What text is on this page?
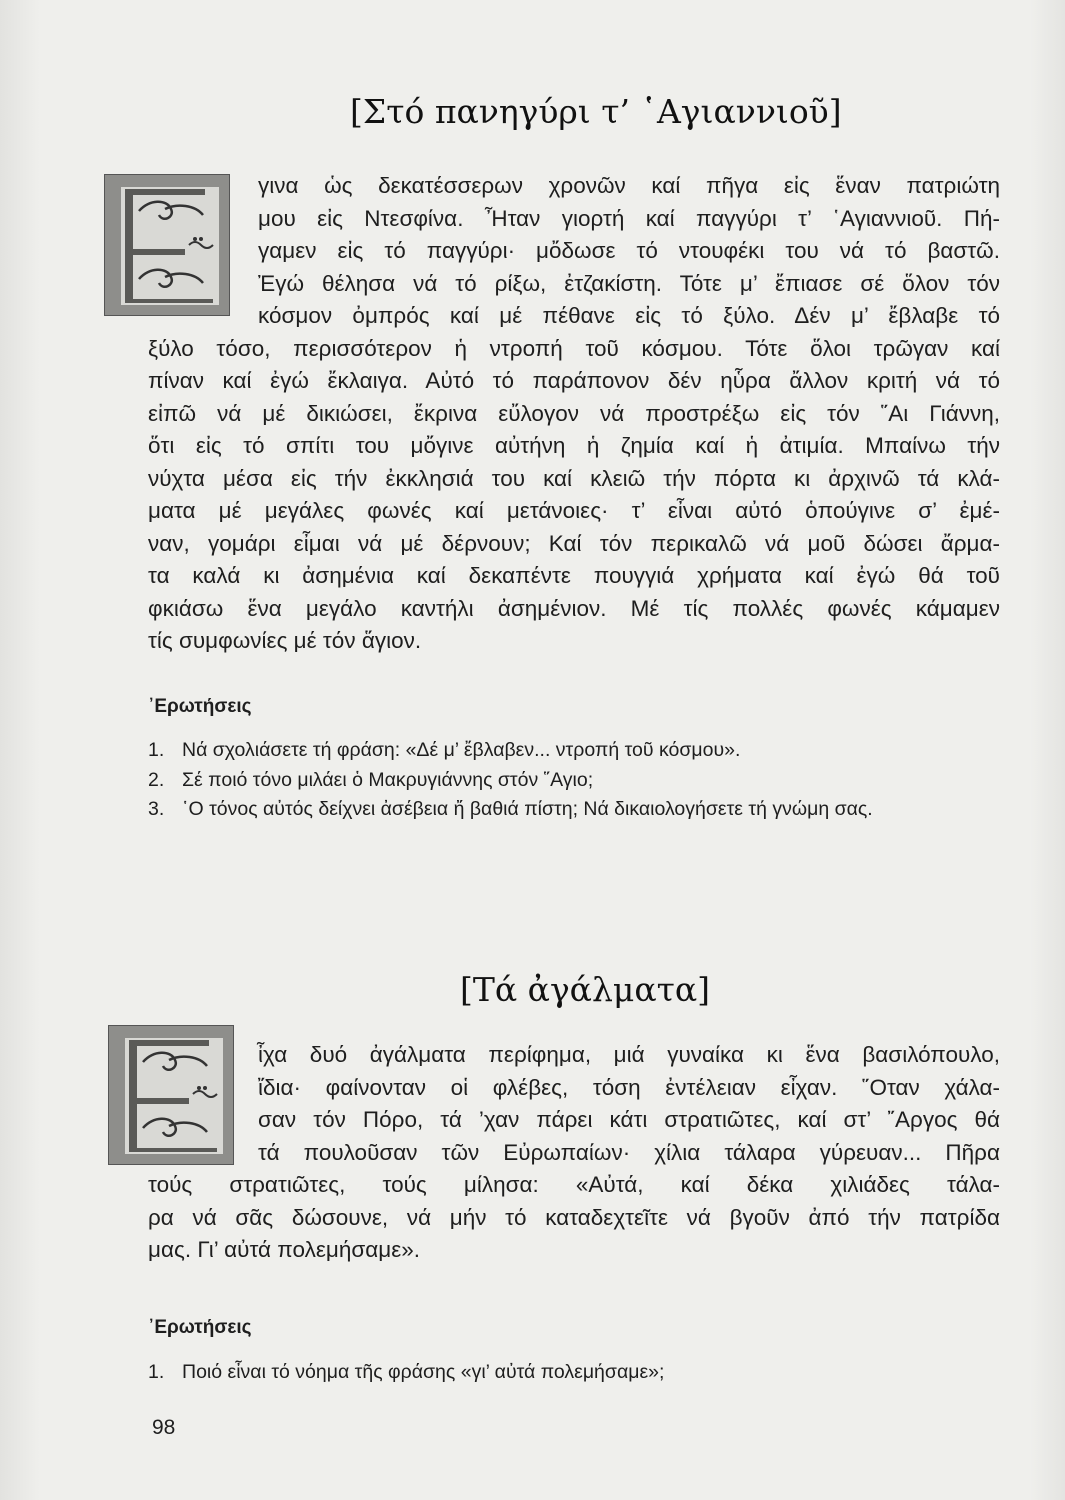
[Στό πανηγύρι τ’ ῾Αγιαννιοῦ]
γινα ὡς δεκατέσσερων χρονῶν καί πῆγα εἰς ἕναν πατριώτη
μου εἰς Ντεσφίνα. Ἦταν γιορτή καί παγγύρι τ’ ῾Αγιαννιοῦ. Πή-
γαμεν εἰς τό παγγύρι· μὄδωσε τό ντουφέκι του νά τό βαστῶ.
Ἐγώ θέλησα νά τό ρίξω, ἐτζακίστη. Τότε μ’ ἔπιασε σέ ὅλον τόν
κόσμον ὀμπρός καί μέ πέθανε εἰς τό ξύλο. Δέν μ’ ἔβλαβε τό
ξύλο τόσο, περισσότερον ἡ ντροπή τοῦ κόσμου. Τότε ὅλοι τρῶγαν καί
πίναν καί ἐγώ ἔκλαιγα. Αὐτό τό παράπονον δέν ηὗρα ἄλλον κριτή νά τό
εἰπῶ νά μέ δικιώσει, ἔκρινα εὔλογον νά προστρέξω εἰς τόν ῞Αι Γιάννη,
ὅτι εἰς τό σπίτι του μὄγινε αὐτήνη ἡ ζημία καί ἡ ἀτιμία. Μπαίνω τήν
νύχτα μέσα εἰς τήν ἐκκλησιά του καί κλειῶ τήν πόρτα κι ἀρχινῶ τά κλά-
ματα μέ μεγάλες φωνές καί μετάνοιες· τ’ εἶναι αὐτό ὁπούγινε σ’ ἐμέ-
ναν, γομάρι εἶμαι νά μέ δέρνουν; Καί τόν περικαλῶ νά μοῦ δώσει ἄρμα-
τα καλά κι ἀσημένια καί δεκαπέντε πουγγιά χρήματα καί ἐγώ θά τοῦ
φκιάσω ἕνα μεγάλο καντήλι ἀσημένιον. Μέ τίς πολλές φωνές κάμαμεν
τίς συμφωνίες μέ τόν ἅγιον.
᾿Ερωτήσεις
1. Νά σχολιάσετε τή φράση: «Δέ μ’ ἔβλαβεν... ντροπή τοῦ κόσμου».
2. Σέ ποιό τόνο μιλάει ὁ Μακρυγιάννης στόν ῞Αγιο;
3. ῾Ο τόνος αὐτός δείχνει ἀσέβεια ἤ βαθιά πίστη; Νά δικαιολογήσετε τή γνώμη σας.
[Τά ἀγάλματα]
ἶχα δυό ἀγάλματα περίφημα, μιά γυναίκα κι ἕνα βασιλόπουλο,
ἴδια· φαίνονταν οἱ φλέβες, τόση ἐντέλειαν εἶχαν. ῞Οταν χάλα-
σαν τόν Πόρο, τά ’χαν πάρει κάτι στρατιῶτες, καί στ’ ῎Αργος θά
τά πουλοῦσαν τῶν Εὐρωπαίων· χίλια τάλαρα γύρευαν... Πῆρα
τούς στρατιῶτες, τούς μίλησα: «Αὐτά, καί δέκα χιλιάδες τάλα-
ρα νά σᾶς δώσουνε, νά μήν τό καταδεχτεῖτε νά βγοῦν ἀπό τήν πατρίδα
μας. Γι’ αὐτά πολεμήσαμε».
᾿Ερωτήσεις
1. Ποιό εἶναι τό νόημα τῆς φράσης «γι’ αὐτά πολεμήσαμε»;
98
